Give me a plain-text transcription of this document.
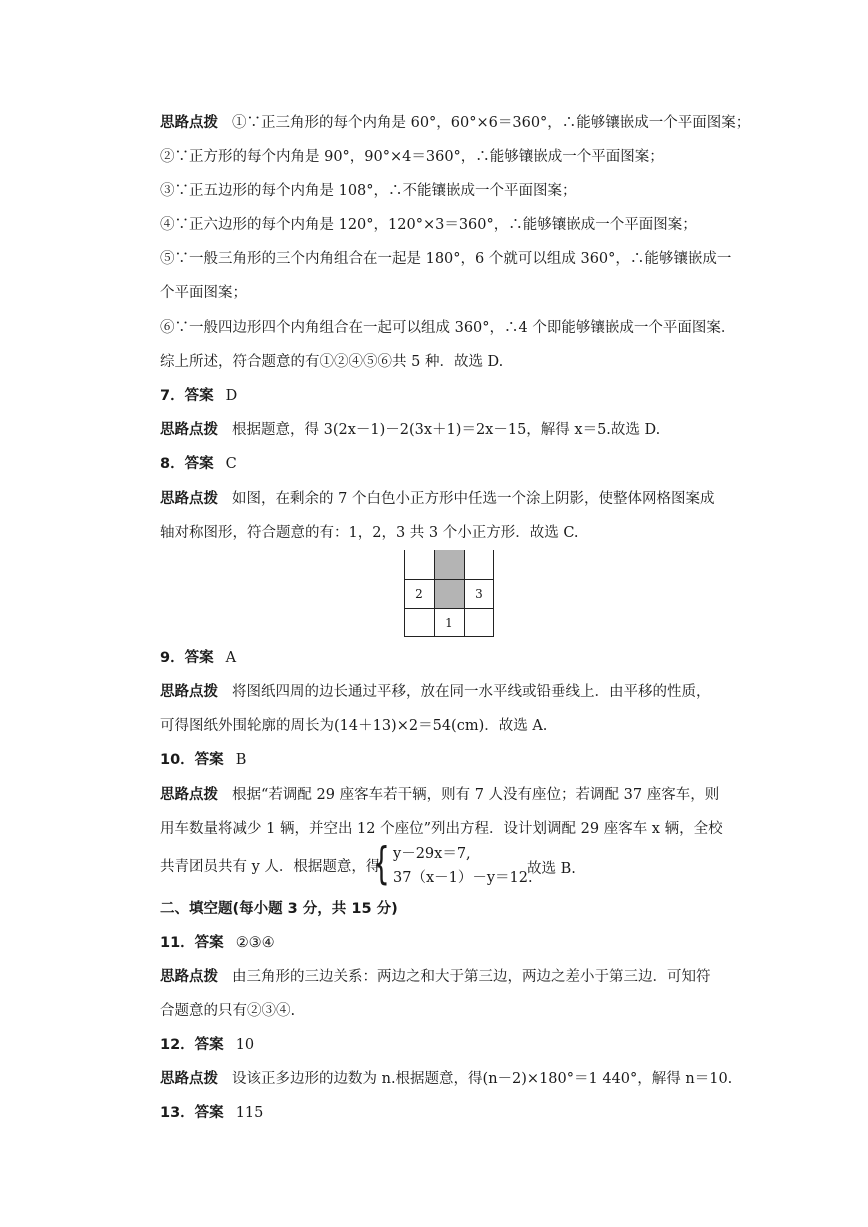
思路点拨 ①∵正三角形的每个内角是 60°，60°×6＝360°，∴能够镶嵌成一个平面图案；
②∵正方形的每个内角是 90°，90°×4＝360°，∴能够镶嵌成一个平面图案；
③∵正五边形的每个内角是 108°，∴不能镶嵌成一个平面图案；
④∵正六边形的每个内角是 120°，120°×3＝360°，∴能够镶嵌成一个平面图案；
⑤∵一般三角形的三个内角组合在一起是 180°，6 个就可以组成 360°，∴能够镶嵌成一
个平面图案；
⑥∵一般四边形四个内角组合在一起可以组成 360°，∴4 个即能够镶嵌成一个平面图案．
综上所述，符合题意的有①②④⑤⑥共 5 种．故选 D.
7．答案 D
思路点拨 根据题意，得 3(2x－1)－2(3x＋1)＝2x－15，解得 x＝5.故选 D.
8．答案 C
思路点拨 如图，在剩余的 7 个白色小正方形中任选一个涂上阴影，使整体网格图案成
轴对称图形，符合题意的有：1，2，3 共 3 个小正方形．故选 C.
2	3
1
9．答案 A
思路点拨 将图纸四周的边长通过平移，放在同一水平线或铅垂线上．由平移的性质，
可得图纸外围轮廓的周长为(14＋13)×2＝54(cm)．故选 A.
10．答案 B
思路点拨 根据“若调配 29 座客车若干辆，则有 7 人没有座位；若调配 37 座客车，则
用车数量将减少 1 辆，并空出 12 个座位”列出方程．设计划调配 29 座客车 x 辆，全校
共青团员共有 y 人．根据题意，得
{ y－29x＝7,
37（x－1）－y＝12.
故选 B.
二、填空题(每小题 3 分，共 15 分)
11．答案 ②③④
思路点拨 由三角形的三边关系：两边之和大于第三边，两边之差小于第三边．可知符
合题意的只有②③④.
12．答案 10
思路点拨 设该正多边形的边数为 n.根据题意，得(n－2)×180°＝1 440°，解得 n＝10.
13．答案 115
